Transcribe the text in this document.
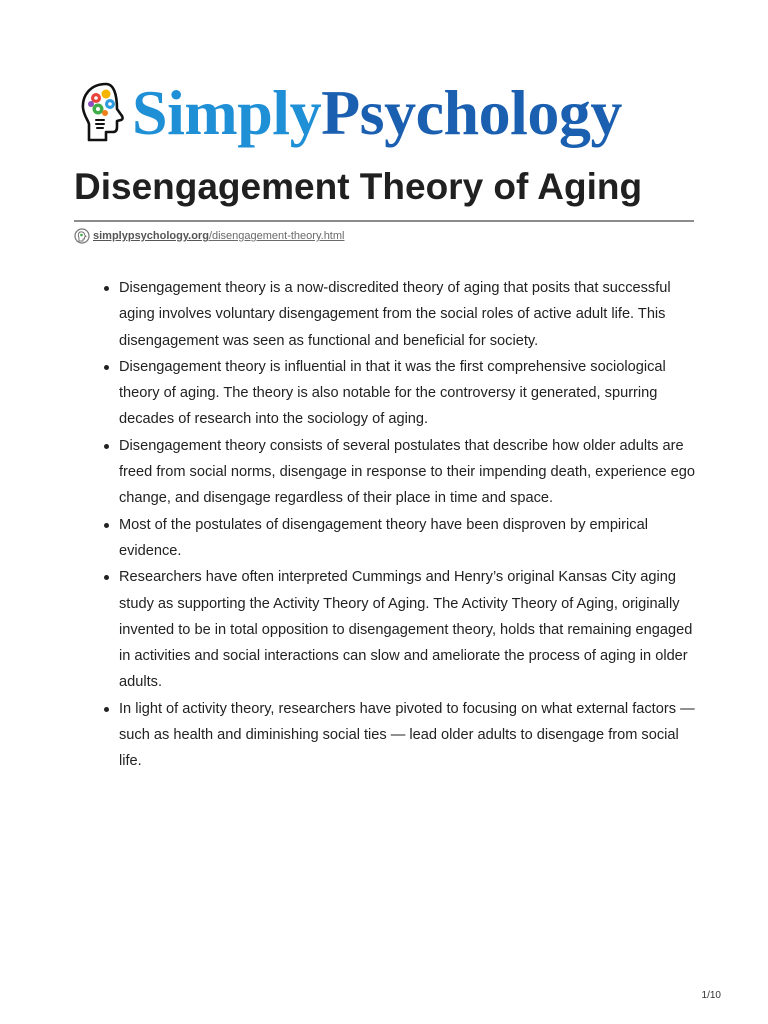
SimplyPsychology
Disengagement Theory of Aging
simplypsychology.org /disengagement-theory.html
Disengagement theory is a now-discredited theory of aging that posits that successful aging involves voluntary disengagement from the social roles of active adult life. This disengagement was seen as functional and beneficial for society.
Disengagement theory is influential in that it was the first comprehensive sociological theory of aging. The theory is also notable for the controversy it generated, spurring decades of research into the sociology of aging.
Disengagement theory consists of several postulates that describe how older adults are freed from social norms, disengage in response to their impending death, experience ego change, and disengage regardless of their place in time and space.
Most of the postulates of disengagement theory have been disproven by empirical evidence.
Researchers have often interpreted Cummings and Henry’s original Kansas City aging study as supporting the Activity Theory of Aging. The Activity Theory of Aging, originally invented to be in total opposition to disengagement theory, holds that remaining engaged in activities and social interactions can slow and ameliorate the process of aging in older adults.
In light of activity theory, researchers have pivoted to focusing on what external factors — such as health and diminishing social ties — lead older adults to disengage from social life.
1/10
